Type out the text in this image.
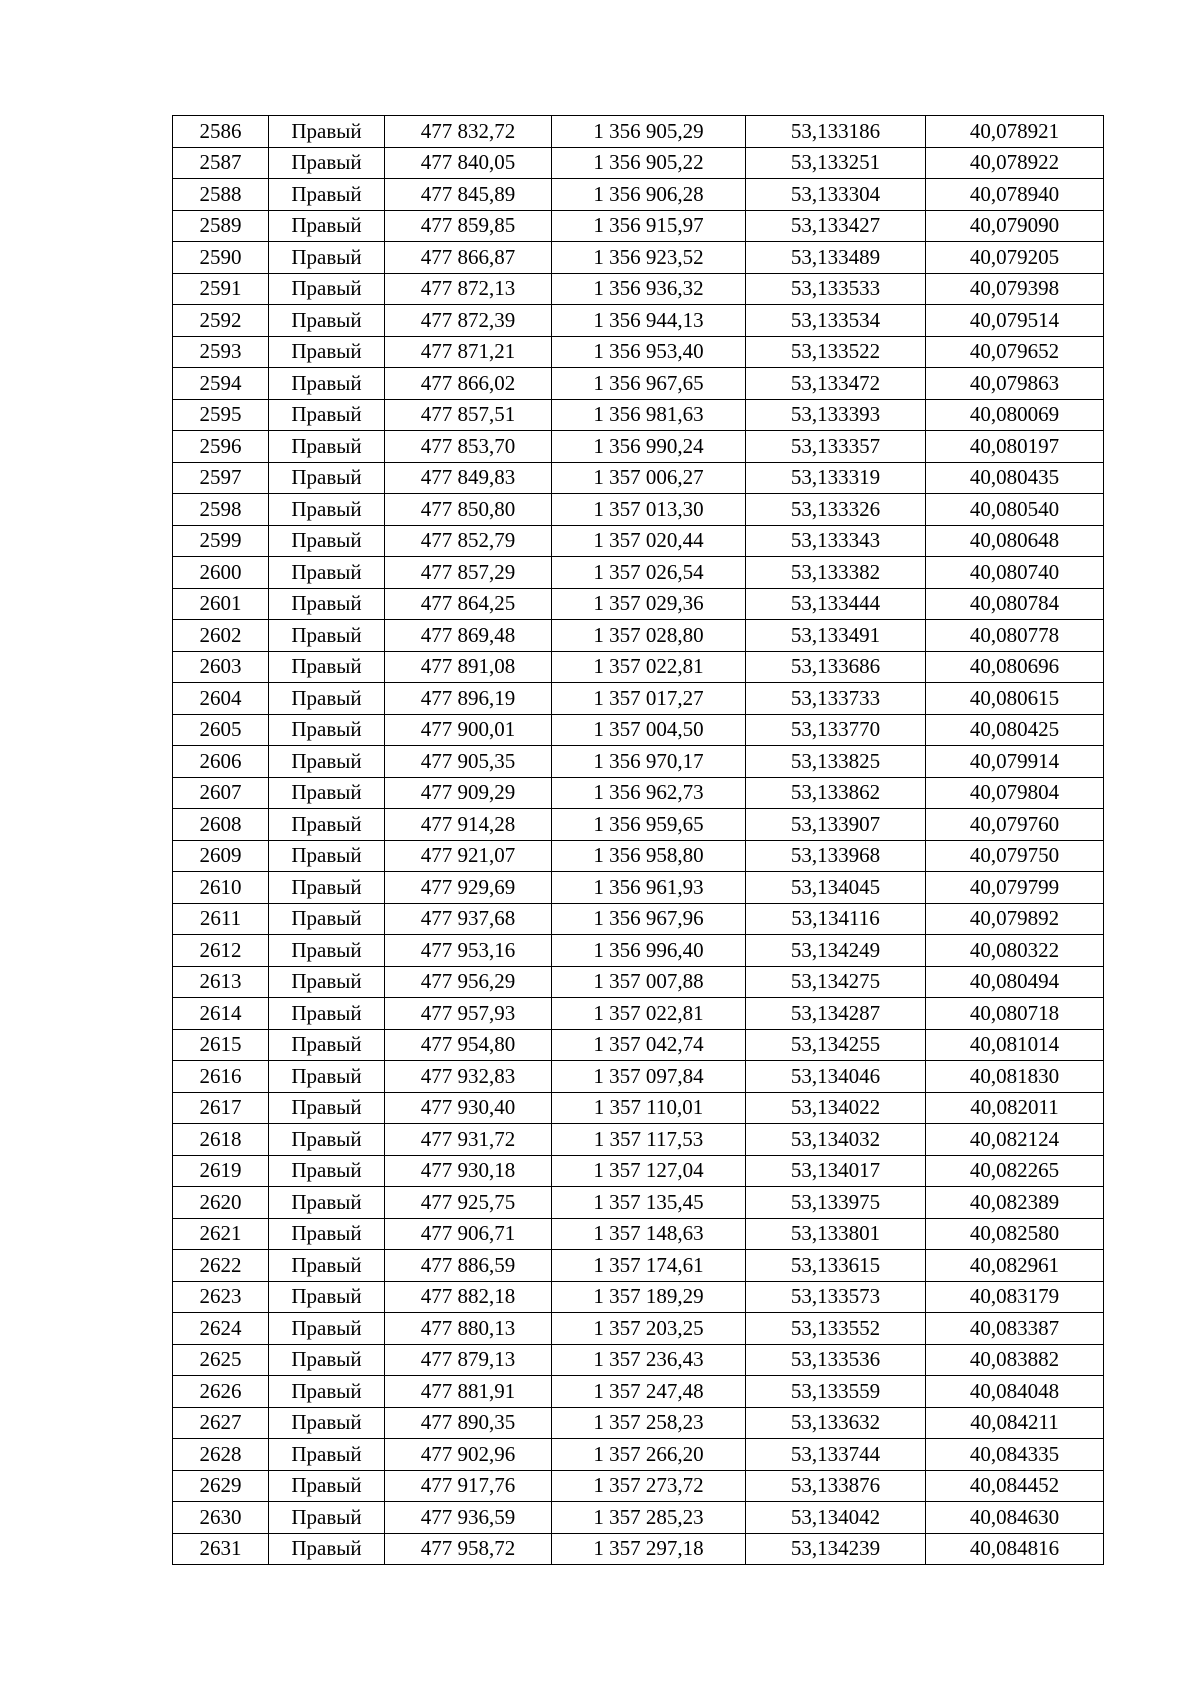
2586	Правый	477 832,72	1 356 905,29	53,133186	40,078921
2587	Правый	477 840,05	1 356 905,22	53,133251	40,078922
2588	Правый	477 845,89	1 356 906,28	53,133304	40,078940
2589	Правый	477 859,85	1 356 915,97	53,133427	40,079090
2590	Правый	477 866,87	1 356 923,52	53,133489	40,079205
2591	Правый	477 872,13	1 356 936,32	53,133533	40,079398
2592	Правый	477 872,39	1 356 944,13	53,133534	40,079514
2593	Правый	477 871,21	1 356 953,40	53,133522	40,079652
2594	Правый	477 866,02	1 356 967,65	53,133472	40,079863
2595	Правый	477 857,51	1 356 981,63	53,133393	40,080069
2596	Правый	477 853,70	1 356 990,24	53,133357	40,080197
2597	Правый	477 849,83	1 357 006,27	53,133319	40,080435
2598	Правый	477 850,80	1 357 013,30	53,133326	40,080540
2599	Правый	477 852,79	1 357 020,44	53,133343	40,080648
2600	Правый	477 857,29	1 357 026,54	53,133382	40,080740
2601	Правый	477 864,25	1 357 029,36	53,133444	40,080784
2602	Правый	477 869,48	1 357 028,80	53,133491	40,080778
2603	Правый	477 891,08	1 357 022,81	53,133686	40,080696
2604	Правый	477 896,19	1 357 017,27	53,133733	40,080615
2605	Правый	477 900,01	1 357 004,50	53,133770	40,080425
2606	Правый	477 905,35	1 356 970,17	53,133825	40,079914
2607	Правый	477 909,29	1 356 962,73	53,133862	40,079804
2608	Правый	477 914,28	1 356 959,65	53,133907	40,079760
2609	Правый	477 921,07	1 356 958,80	53,133968	40,079750
2610	Правый	477 929,69	1 356 961,93	53,134045	40,079799
2611	Правый	477 937,68	1 356 967,96	53,134116	40,079892
2612	Правый	477 953,16	1 356 996,40	53,134249	40,080322
2613	Правый	477 956,29	1 357 007,88	53,134275	40,080494
2614	Правый	477 957,93	1 357 022,81	53,134287	40,080718
2615	Правый	477 954,80	1 357 042,74	53,134255	40,081014
2616	Правый	477 932,83	1 357 097,84	53,134046	40,081830
2617	Правый	477 930,40	1 357 110,01	53,134022	40,082011
2618	Правый	477 931,72	1 357 117,53	53,134032	40,082124
2619	Правый	477 930,18	1 357 127,04	53,134017	40,082265
2620	Правый	477 925,75	1 357 135,45	53,133975	40,082389
2621	Правый	477 906,71	1 357 148,63	53,133801	40,082580
2622	Правый	477 886,59	1 357 174,61	53,133615	40,082961
2623	Правый	477 882,18	1 357 189,29	53,133573	40,083179
2624	Правый	477 880,13	1 357 203,25	53,133552	40,083387
2625	Правый	477 879,13	1 357 236,43	53,133536	40,083882
2626	Правый	477 881,91	1 357 247,48	53,133559	40,084048
2627	Правый	477 890,35	1 357 258,23	53,133632	40,084211
2628	Правый	477 902,96	1 357 266,20	53,133744	40,084335
2629	Правый	477 917,76	1 357 273,72	53,133876	40,084452
2630	Правый	477 936,59	1 357 285,23	53,134042	40,084630
2631	Правый	477 958,72	1 357 297,18	53,134239	40,084816
